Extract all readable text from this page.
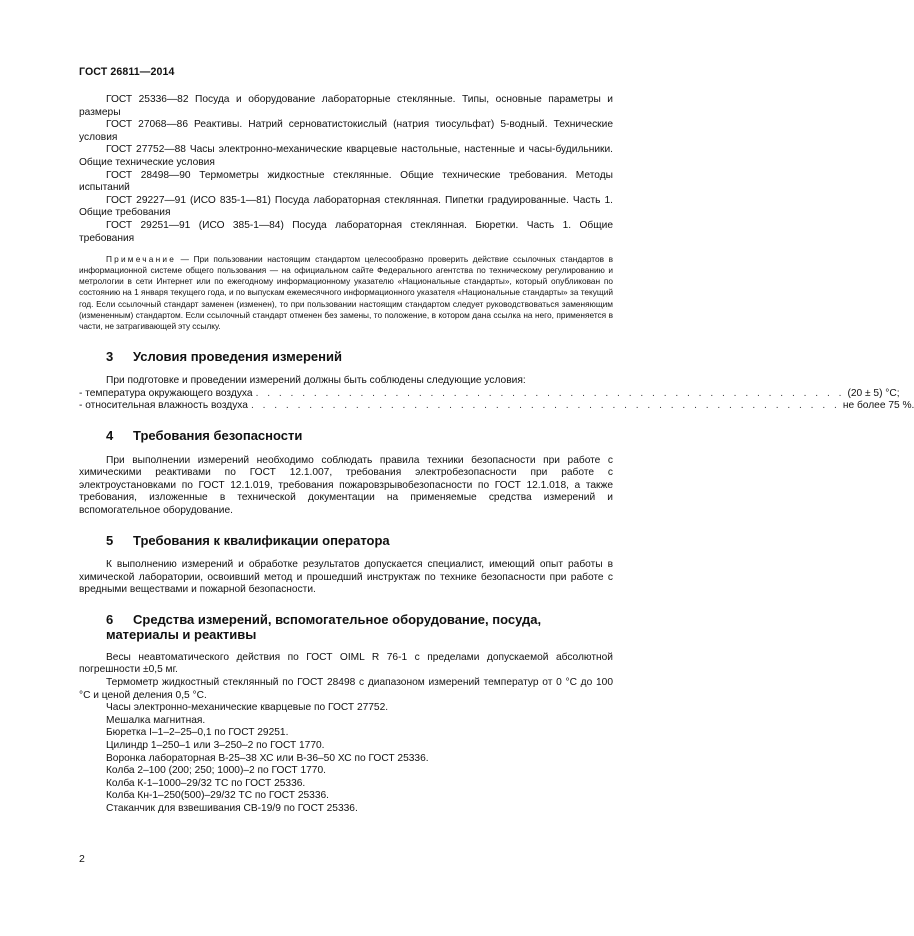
ГОСТ 26811—2014

ГОСТ 25336—82 Посуда и оборудование лабораторные стеклянные. Типы, основные параметры и размеры

ГОСТ 27068—86 Реактивы. Натрий серноватистокислый (натрия тиосульфат) 5-водный. Технические условия

ГОСТ 27752—88 Часы электронно-механические кварцевые настольные, настенные и часы-будильники. Общие технические условия

ГОСТ 28498—90 Термометры жидкостные стеклянные. Общие технические требования. Методы испытаний

ГОСТ 29227—91 (ИСО 835-1—81) Посуда лабораторная стеклянная. Пипетки градуированные. Часть 1. Общие требования

ГОСТ 29251—91 (ИСО 385-1—84) Посуда лабораторная стеклянная. Бюретки. Часть 1. Общие требования

Примечание — При пользовании настоящим стандартом целесообразно проверить действие ссылочных стандартов в информационной системе общего пользования — на официальном сайте Федерального агентства по техническому регулированию и метрологии в сети Интернет или по ежегодному информационному указателю «Национальные стандарты», который опубликован по состоянию на 1 января текущего года, и по выпускам ежемесячного информационного указателя «Национальные стандарты» за текущий год. Если ссылочный стандарт заменен (изменен), то при пользовании настоящим стандартом следует руководствоваться заменяющим (измененным) стандартом. Если ссылочный стандарт отменен без замены, то положение, в котором дана ссылка на него, применяется в части, не затрагивающей эту ссылку.

3 Условия проведения измерений

При подготовке и проведении измерений должны быть соблюдены следующие условия:

- температура окружающего воздуха . . . . . . . . . . . . . . . . . . . . . . . . . . . . . . . . . . . . . . . . . . . . . . . . . . . (20 ± 5) °C;
- относительная влажность воздуха . . . . . . . . . . . . . . . . . . . . . . . . . . . . . . . . . . . . . . . . . . . . . . . . . . . не более 75 %.
4 Требования безопасности

При выполнении измерений необходимо соблюдать правила техники безопасности при работе с химическими реактивами по ГОСТ 12.1.007, требования электробезопасности при работе с электроустановками по ГОСТ 12.1.019, требования пожаровзрывобезопасности по ГОСТ 12.1.018, а также требования, изложенные в технической документации на применяемые средства измерений и вспомогательное оборудование.

5 Требования к квалификации оператора

К выполнению измерений и обработке результатов допускается специалист, имеющий опыт работы в химической лаборатории, освоивший метод и прошедший инструктаж по технике безопасности при работе с вредными веществами и пожарной безопасности.

6 Средства измерений, вспомогательное оборудование, посуда, материалы и реактивы

Весы неавтоматического действия по ГОСТ OIML R 76-1 с пределами допускаемой абсолютной погрешности ±0,5 мг.

Термометр жидкостный стеклянный по ГОСТ 28498 с диапазоном измерений температур от 0 °C до 100 °C и ценой деления 0,5 °C.

Часы электронно-механические кварцевые по ГОСТ 27752.

Мешалка магнитная.

Бюретка I–1–2–25–0,1 по ГОСТ 29251.

Цилиндр 1–250–1 или 3–250–2 по ГОСТ 1770.

Воронка лабораторная В-25–38 ХС или В-36–50 ХС по ГОСТ 25336.

Колба 2–100 (200; 250; 1000)–2 по ГОСТ 1770.

Колба К-1–1000–29/32 ТС по ГОСТ 25336.

Колба Кн-1–250(500)–29/32 ТС по ГОСТ 25336.

Стаканчик для взвешивания СВ-19/9 по ГОСТ 25336.

2
